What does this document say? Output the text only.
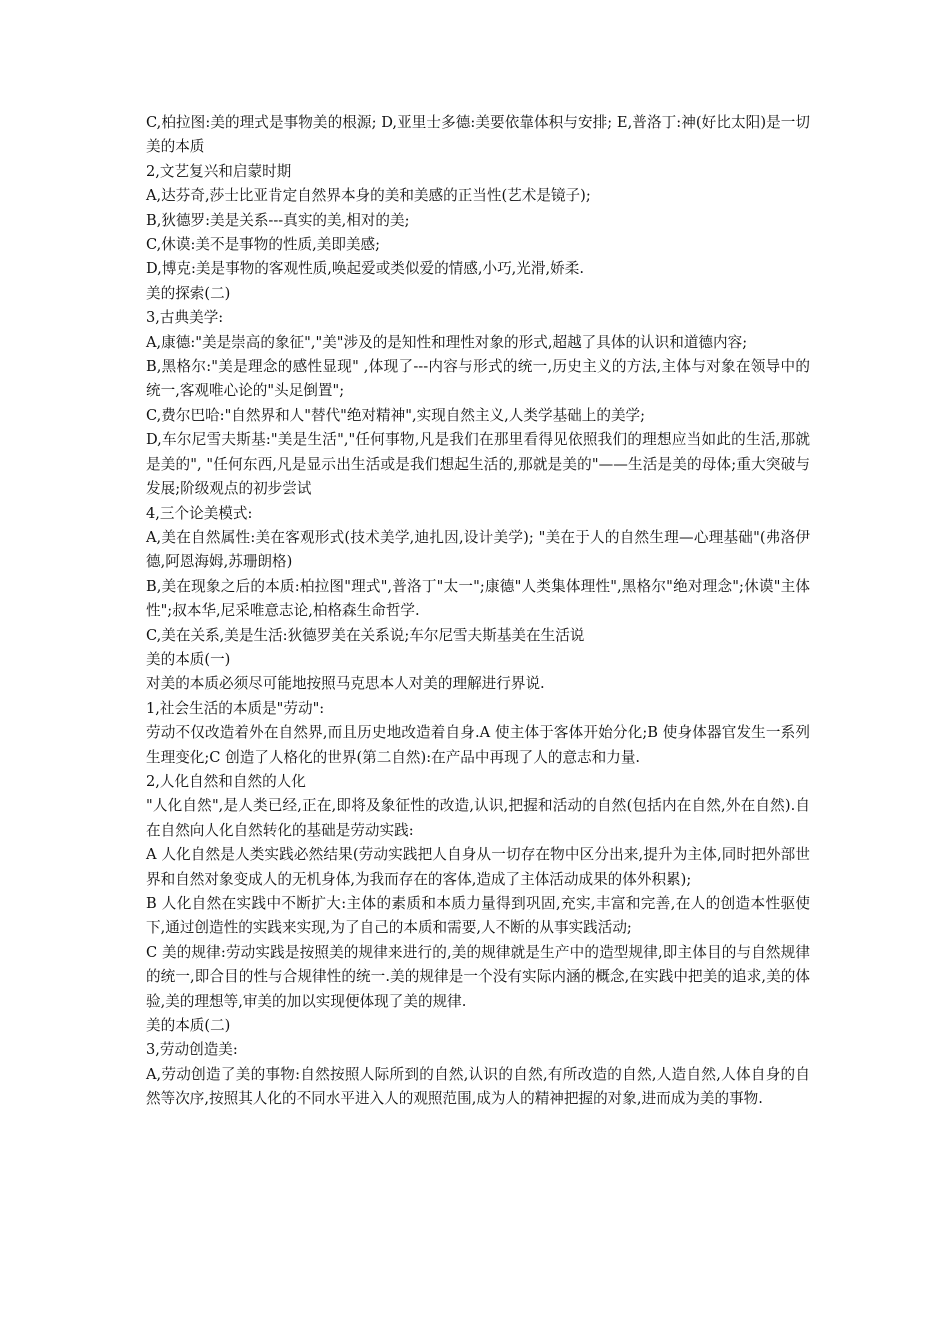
C,柏拉图:美的理式是事物美的根源; D,亚里士多德:美要依靠体积与安排; E,普洛丁:神(好比太阳)是一切美的本质

2,文艺复兴和启蒙时期

A,达芬奇,莎士比亚肯定自然界本身的美和美感的正当性(艺术是镜子);

B,狄德罗:美是关系---真实的美,相对的美;

C,休谟:美不是事物的性质,美即美感;

D,博克:美是事物的客观性质,唤起爱或类似爱的情感,小巧,光滑,娇柔.

美的探索(二)

3,古典美学:

A,康德:"美是崇高的象征","美"涉及的是知性和理性对象的形式,超越了具体的认识和道德内容;

B,黑格尔:"美是理念的感性显现" ,体现了---内容与形式的统一,历史主义的方法,主体与对象在领导中的统一,客观唯心论的"头足倒置";

C,费尔巴哈:"自然界和人"替代"绝对精神",实现自然主义,人类学基础上的美学;

D,车尔尼雪夫斯基:"美是生活","任何事物,凡是我们在那里看得见依照我们的理想应当如此的生活,那就是美的", "任何东西,凡是显示出生活或是我们想起生活的,那就是美的"——生活是美的母体;重大突破与发展;阶级观点的初步尝试

4,三个论美模式:

A,美在自然属性:美在客观形式(技术美学,迪扎因,设计美学); "美在于人的自然生理—心理基础"(弗洛伊德,阿恩海姆,苏珊朗格)

B,美在现象之后的本质:柏拉图"理式",普洛丁"太一";康德"人类集体理性",黑格尔"绝对理念";休谟"主体性";叔本华,尼采唯意志论,柏格森生命哲学.

C,美在关系,美是生活:狄德罗美在关系说;车尔尼雪夫斯基美在生活说

美的本质(一)

对美的本质必须尽可能地按照马克思本人对美的理解进行界说.

1,社会生活的本质是"劳动":

劳动不仅改造着外在自然界,而且历史地改造着自身.A 使主体于客体开始分化;B 使身体器官发生一系列生理变化;C 创造了人格化的世界(第二自然):在产品中再现了人的意志和力量.

2,人化自然和自然的人化

"人化自然",是人类已经,正在,即将及象征性的改造,认识,把握和活动的自然(包括内在自然,外在自然).自在自然向人化自然转化的基础是劳动实践:

A 人化自然是人类实践必然结果(劳动实践把人自身从一切存在物中区分出来,提升为主体,同时把外部世界和自然对象变成人的无机身体,为我而存在的客体,造成了主体活动成果的体外积累);

B 人化自然在实践中不断扩大:主体的素质和本质力量得到巩固,充实,丰富和完善,在人的创造本性驱使下,通过创造性的实践来实现,为了自己的本质和需要,人不断的从事实践活动;

C 美的规律:劳动实践是按照美的规律来进行的,美的规律就是生产中的造型规律,即主体目的与自然规律的统一,即合目的性与合规律性的统一.美的规律是一个没有实际内涵的概念,在实践中把美的追求,美的体验,美的理想等,审美的加以实现便体现了美的规律.

美的本质(二)

3,劳动创造美:

A,劳动创造了美的事物:自然按照人际所到的自然,认识的自然,有所改造的自然,人造自然,人体自身的自然等次序,按照其人化的不同水平进入人的观照范围,成为人的精神把握的对象,进而成为美的事物.
